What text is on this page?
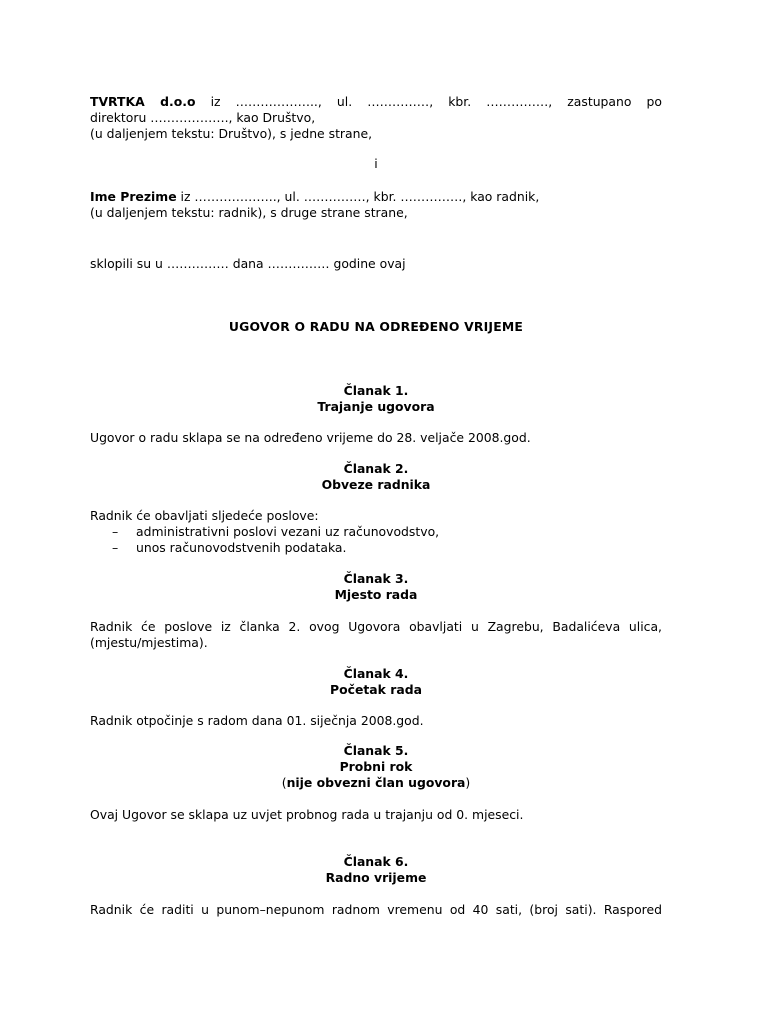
TVRTKA d.o.o iz ……………….., ul. ……………, kbr. ……………, zastupano po

direktoru ………………., kao Društvo,

(u daljenjem tekstu: Društvo), s jedne strane,

i

Ime Prezime iz ……………….., ul. ……………, kbr. ……………, kao radnik,

(u daljenjem tekstu: radnik), s druge strane strane,

sklopili su u …………… dana …………… godine ovaj

UGOVOR O RADU NA ODREĐENO VRIJEME

Članak 1.

Trajanje ugovora

Ugovor o radu sklapa se na određeno vrijeme do 28. veljače 2008.god.

Članak 2.

Obveze radnika

Radnik će obavljati sljedeće poslove:

– administrativni poslovi vezani uz računovodstvo,
– unos računovodstvenih podataka.

Članak 3.

Mjesto rada

Radnik će poslove iz članka 2. ovog Ugovora obavljati u Zagrebu, Badalićeva ulica,

(mjestu/mjestima).

Članak 4.

Početak rada

Radnik otpočinje s radom dana 01. siječnja 2008.god.

Članak 5.

Probni rok

(nije obvezni član ugovora)

Ovaj Ugovor se sklapa uz uvjet probnog rada u trajanju od 0. mjeseci.

Članak 6.

Radno vrijeme

Radnik će raditi u punom–nepunom radnom vremenu od 40 sati, (broj sati). Raspored
